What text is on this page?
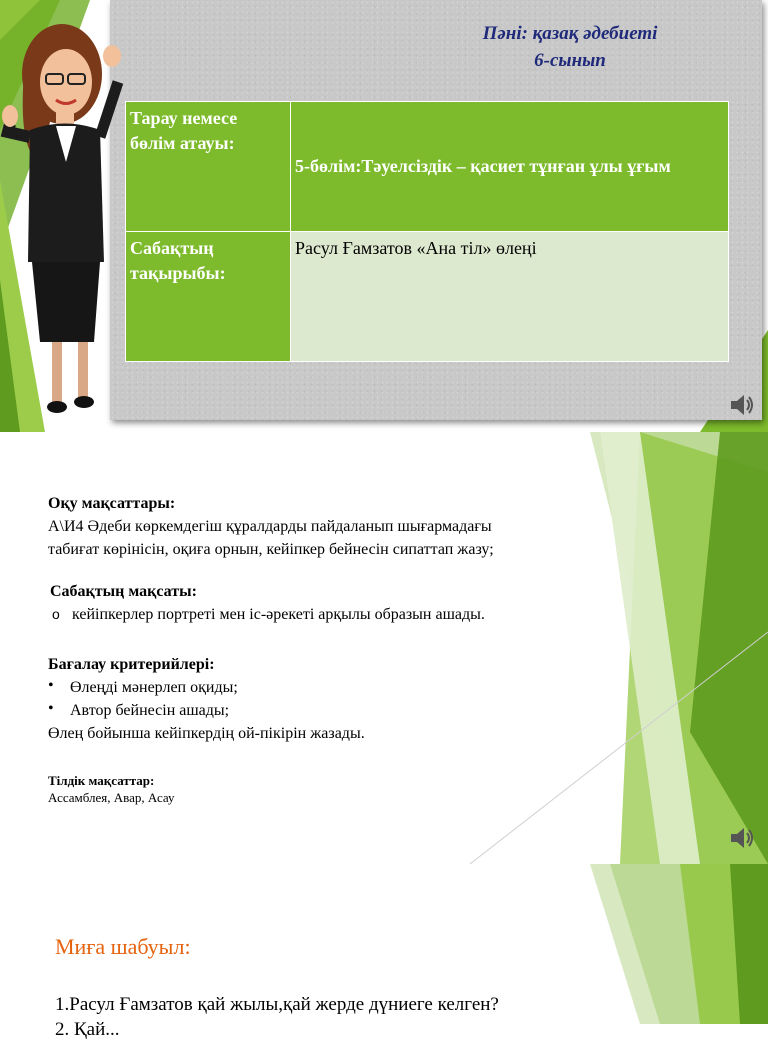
Пәні: қазақ әдебиеті
6-сынып
Тарау немесе бөлім атауы:	5-бөлім:Тәуелсіздік – қасиет тұнған ұлы ұғым
Сабақтың тақырыбы:	Расул Ғамзатов «Ана тіл» өлеңі
Оқу мақсаттары:
А\И4 Әдеби көркемдегіш құралдарды пайдаланып шығармадағы
табиғат көрінісін, оқиға орнын, кейіпкер бейнесін сипаттап жазу;
Сабақтың мақсаты:
o кейіпкерлер портреті мен іс-әрекеті арқылы образын ашады.
Бағалау критерийлері:
• Өлеңді мәнерлеп оқиды;
• Автор бейнесін ашады;
Өлең бойынша кейіпкердің ой-пікірін жазады.
Тілдік мақсаттар:
Ассамблея, Авар, Асау
Миға шабуыл:
1.Расул Ғамзатов қай жылы,қай жерде дүниеге келген?
2. Қай...
